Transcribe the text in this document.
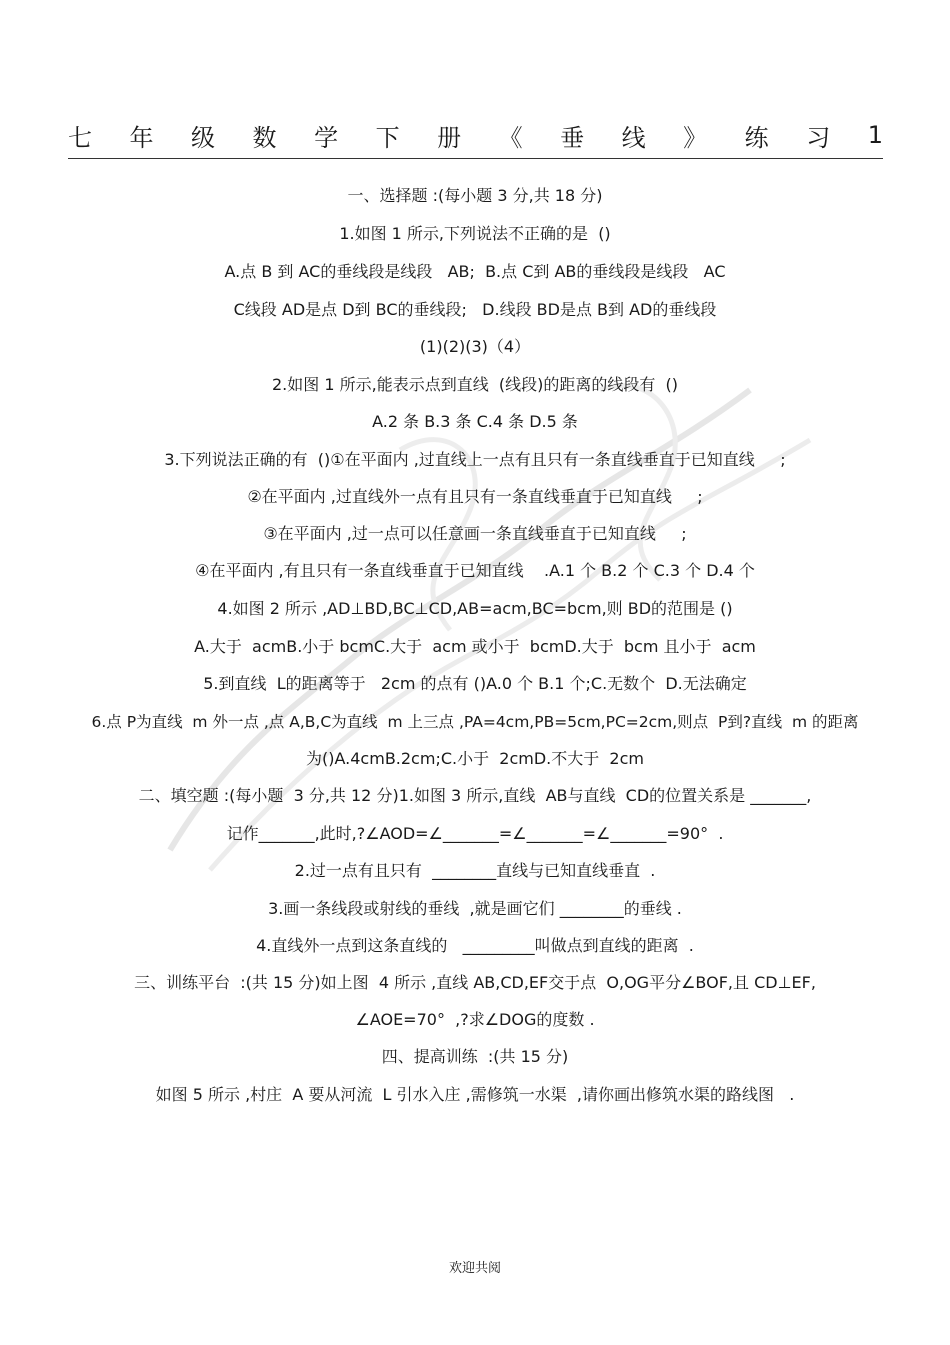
七 年 级 数 学 下 册 《 垂 线 》 练 习 1
一、选择题 :(每小题 3 分,共 18 分)
1.如图 1 所示,下列说法不正确的是  ()
A.点 B 到 AC的垂线段是线段   AB;  B.点 C到 AB的垂线段是线段   AC
C线段 AD是点 D到 BC的垂线段;   D.线段 BD是点 B到 AD的垂线段
(1)(2)(3)（4）
2.如图 1 所示,能表示点到直线  (线段)的距离的线段有  ()
A.2 条 B.3 条 C.4 条 D.5 条
3.下列说法正确的有  ()①在平面内 ,过直线上一点有且只有一条直线垂直于已知直线     ;
②在平面内 ,过直线外一点有且只有一条直线垂直于已知直线     ;
③在平面内 ,过一点可以任意画一条直线垂直于已知直线     ;
④在平面内 ,有且只有一条直线垂直于已知直线    .A.1 个 B.2 个 C.3 个 D.4 个
4.如图 2 所示 ,AD⊥BD,BC⊥CD,AB=acm,BC=bcm,则 BD的范围是 ()
A.大于  acmB.小于 bcmC.大于  acm 或小于  bcmD.大于  bcm 且小于  acm
5.到直线  L的距离等于   2cm 的点有 ()A.0 个 B.1 个;C.无数个  D.无法确定
6.点 P为直线  m 外一点 ,点 A,B,C为直线  m 上三点 ,PA=4cm,PB=5cm,PC=2cm,则点  P到?直线  m 的距离
为()A.4cmB.2cm;C.小于  2cmD.不大于  2cm
二、填空题 :(每小题  3 分,共 12 分)1.如图 3 所示,直线  AB与直线  CD的位置关系是 _______,
记作_______,此时,?∠AOD=∠_______=∠_______=∠_______=90°  .
2.过一点有且只有  ________直线与已知直线垂直  .
3.画一条线段或射线的垂线  ,就是画它们 ________的垂线 .
4.直线外一点到这条直线的   _________叫做点到直线的距离  .
三、训练平台  :(共 15 分)如上图  4 所示 ,直线 AB,CD,EF交于点  O,OG平分∠BOF,且 CD⊥EF,
∠AOE=70°  ,?求∠DOG的度数 .
四、提高训练  :(共 15 分)
如图 5 所示 ,村庄  A 要从河流  L 引水入庄 ,需修筑一水渠  ,请你画出修筑水渠的路线图   .
欢迎共阅
